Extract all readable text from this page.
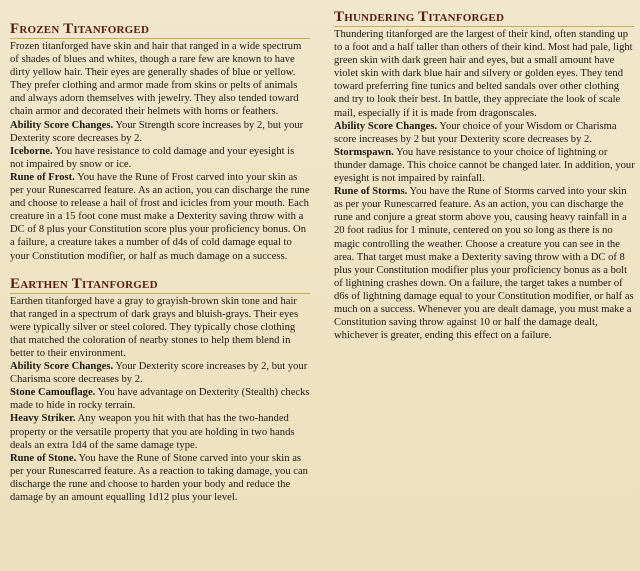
Frozen Titanforged

Frozen titanforged have skin and hair that ranged in a wide spectrum of shades of blues and whites, though a rare few are known to have dirty yellow hair. Their eyes are generally shades of blue or yellow. They prefer clothing and armor made from skins or pelts of animals and always adorn themselves with jewelry. They also tended toward chain armor and decorated their helmets with horns or feathers.

Ability Score Changes. Your Strength score increases by 2, but your Dexterity score decreases by 2.

Iceborne. You have resistance to cold damage and your eyesight is not impaired by snow or ice.

Rune of Frost. You have the Rune of Frost carved into your skin as per your Runescarred feature. As an action, you can discharge the rune and choose to release a hail of frost and icicles from your mouth. Each creature in a 15 foot cone must make a Dexterity saving throw with a DC of 8 plus your Constitution score plus your proficiency bonus. On a failure, a creature takes a number of d4s of cold damage equal to your Constitution modifier, or half as much damage on a success.

Earthen Titanforged

Earthen titanforged have a gray to grayish-brown skin tone and hair that ranged in a spectrum of dark grays and bluish-grays. Their eyes were typically silver or steel colored. They typically chose clothing that matched the coloration of nearby stones to help them blend in better to their environment.

Ability Score Changes. Your Dexterity score increases by 2, but your Charisma score decreases by 2.

Stone Camouflage. You have advantage on Dexterity (Stealth) checks made to hide in rocky terrain.

Heavy Striker. Any weapon you hit with that has the two-handed property or the versatile property that you are holding in two hands deals an extra 1d4 of the same damage type.

Rune of Stone. You have the Rune of Stone carved into your skin as per your Runescarred feature. As a reaction to taking damage, you can discharge the rune and choose to harden your body and reduce the damage by an amount equalling 1d12 plus your level.

Thundering Titanforged

Thundering titanforged are the largest of their kind, often standing up to a foot and a half taller than others of their kind. Most had pale, light green skin with dark green hair and eyes, but a small amount have violet skin with dark blue hair and silvery or golden eyes. They tend toward preferring fine tunics and belted sandals over other clothing and try to look their best. In battle, they appreciate the look of scale mail, especially if it is made from dragonscales.

Ability Score Changes. Your choice of your Wisdom or Charisma score increases by 2 but your Dexterity score decreases by 2.

Stormspawn. You have resistance to your choice of lightning or thunder damage. This choice cannot be changed later. In addition, your eyesight is not impaired by rainfall.

Rune of Storms. You have the Rune of Storms carved into your skin as per your Runescarred feature. As an action, you can discharge the rune and conjure a great storm above you, causing heavy rainfall in a 20 foot radius for 1 minute, centered on you so long as there is no magic controlling the weather. Choose a creature you can see in the area. That target must make a Dexterity saving throw with a DC of 8 plus your Constitution modifier plus your proficiency bonus as a bolt of lightning crashes down. On a failure, the target takes a number of d6s of lightning damage equal to your Constitution modifier, or half as much on a success. Whenever you are dealt damage, you must make a Constitution saving throw against 10 or half the damage dealt, whichever is greater, ending this effect on a failure.
